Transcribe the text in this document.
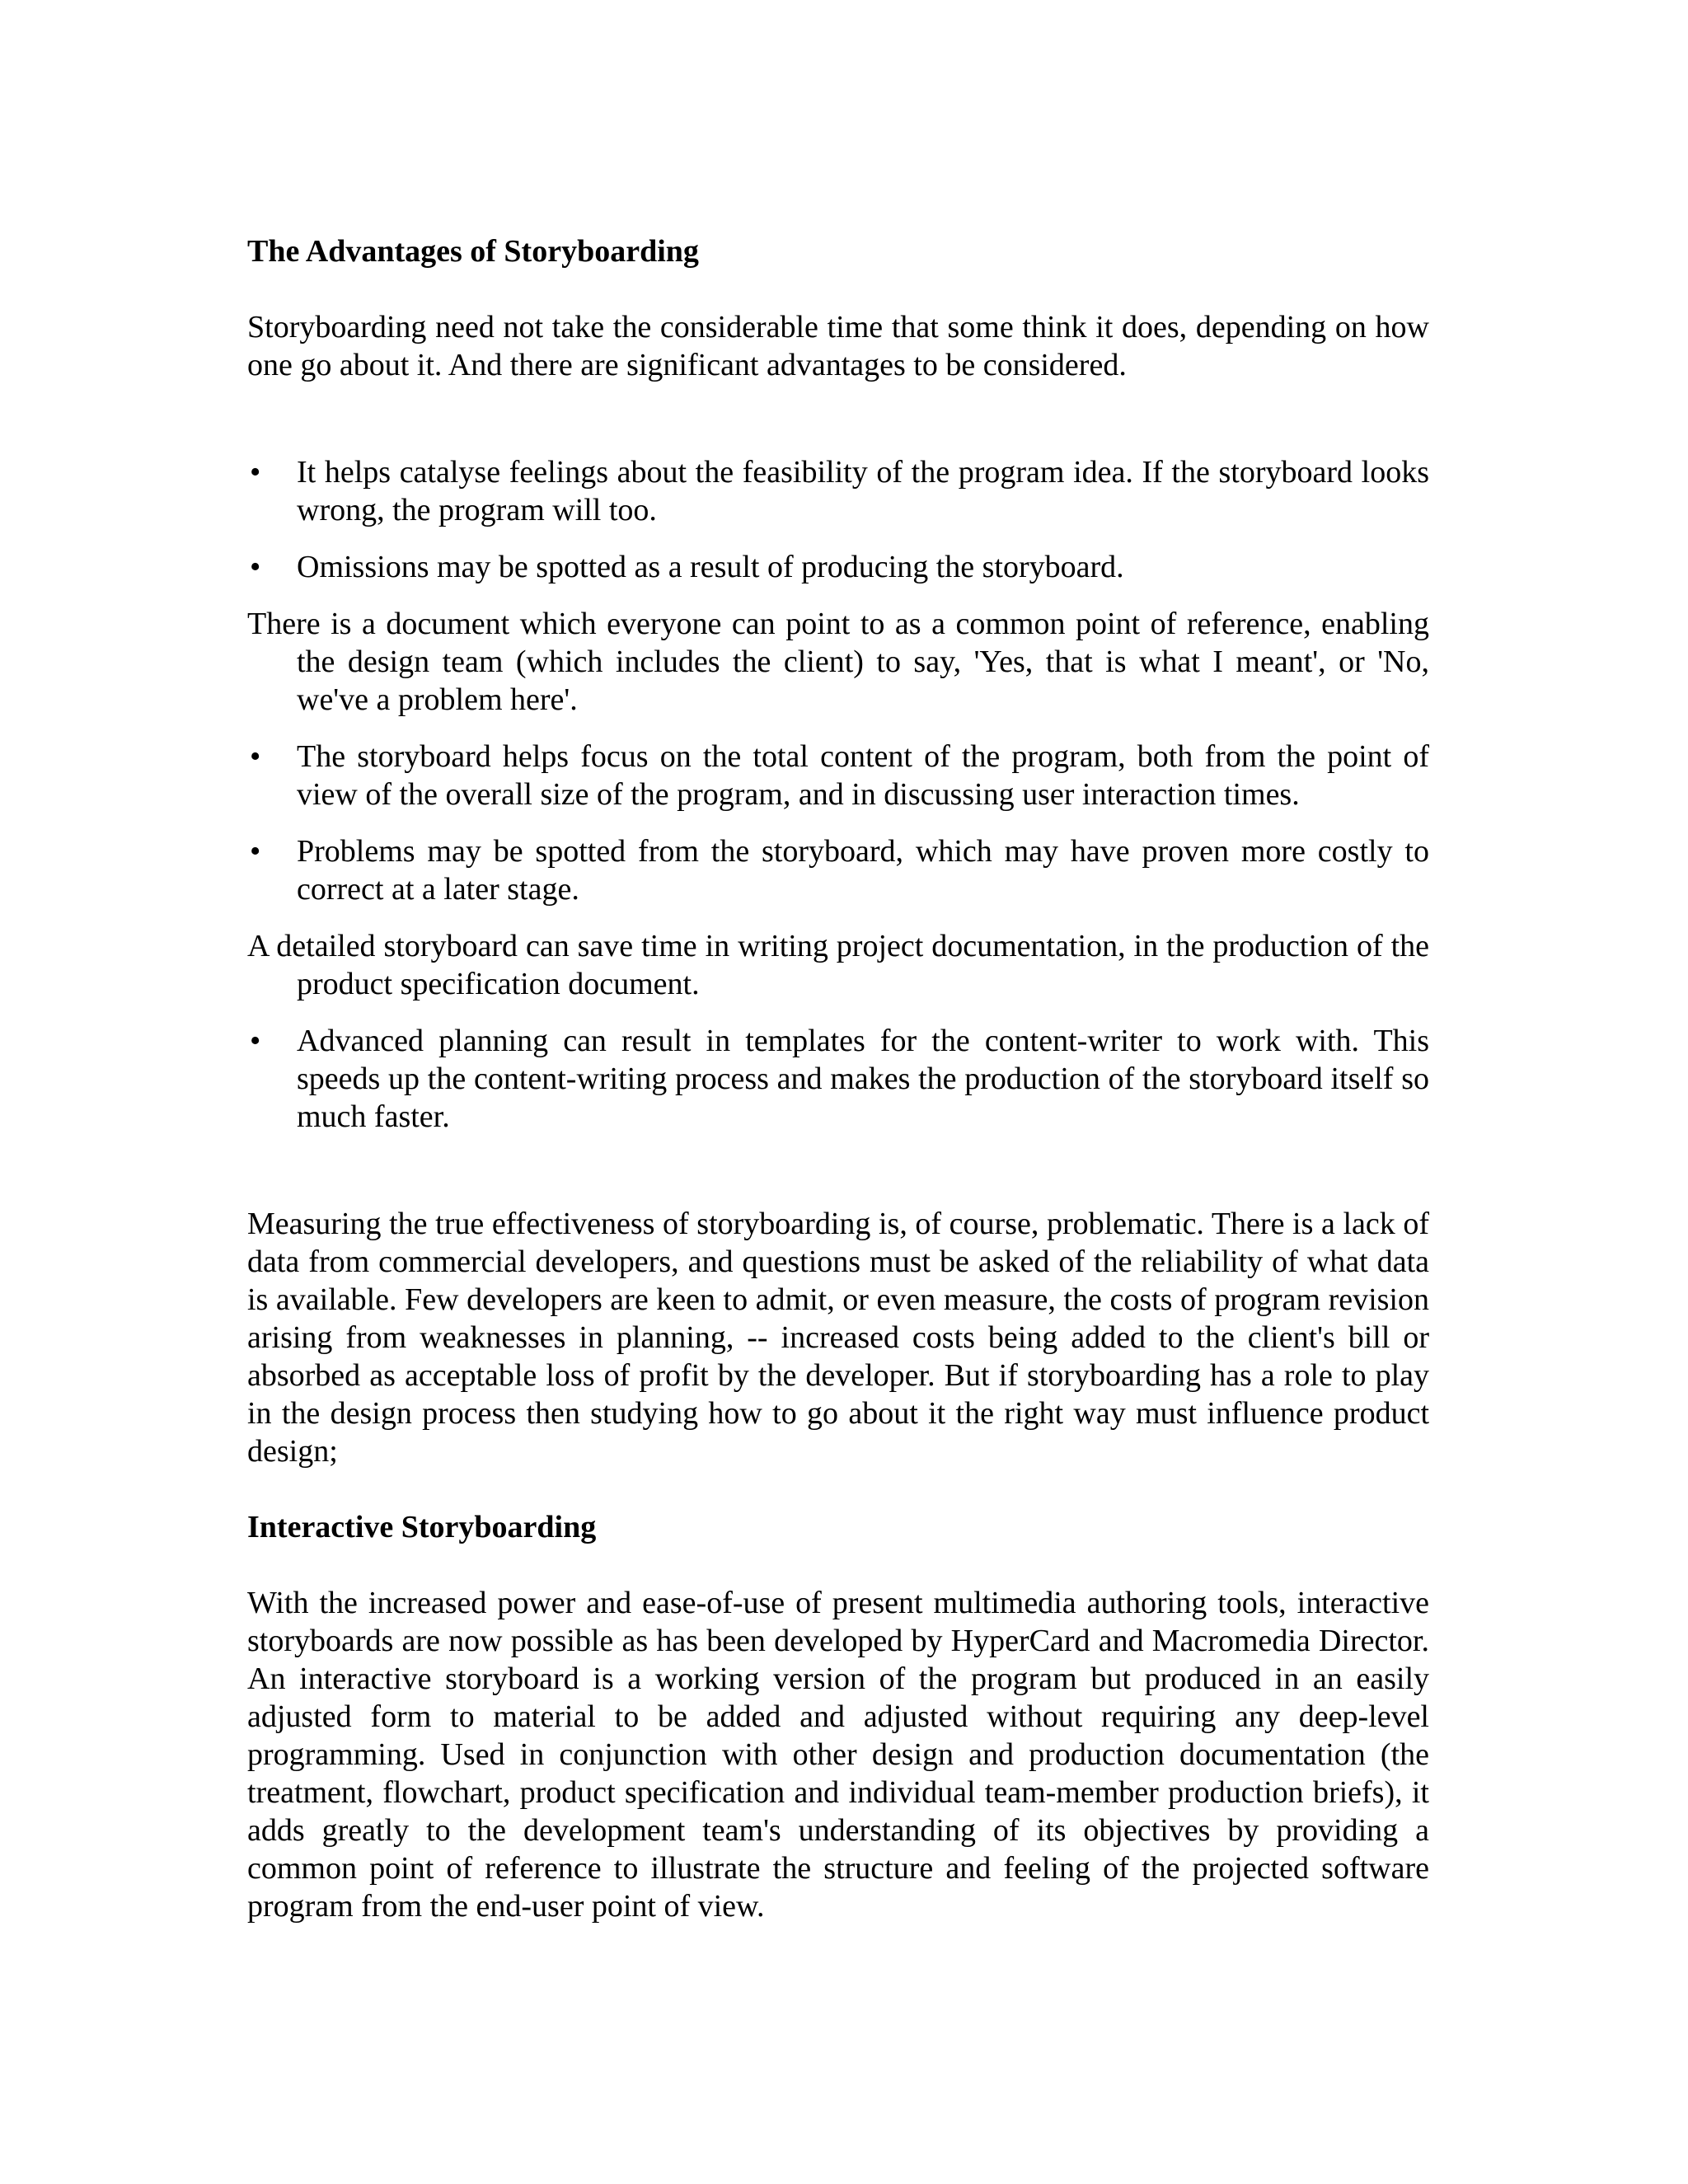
The Advantages of Storyboarding

Storyboarding need not take the considerable time that some think it does, depending on how one go about it. And there are significant advantages to be considered.

•	It helps catalyse feelings about the feasibility of the program idea. If the storyboard looks wrong, the program will too.
•	Omissions may be spotted as a result of producing the storyboard.

There is a document which everyone can point to as a common point of reference, enabling the design team (which includes the client) to say, 'Yes, that is what I meant', or 'No, we've a problem here'.

•	The storyboard helps focus on the total content of the program, both from the point of view of the overall size of the program, and in discussing user interaction times.
•	Problems may be spotted from the storyboard, which may have proven more costly to correct at a later stage.

A detailed storyboard can save time in writing project documentation, in the production of the product specification document.

•	Advanced planning can result in templates for the content-writer to work with. This speeds up the content-writing process and makes the production of the storyboard itself so much faster.

Measuring the true effectiveness of storyboarding is, of course, problematic. There is a lack of data from commercial developers, and questions must be asked of the reliability of what data is available. Few developers are keen to admit, or even measure, the costs of program revision arising from weaknesses in planning, -- increased costs being added to the client's bill or absorbed as acceptable loss of profit by the developer. But if storyboarding has a role to play in the design process then studying how to go about it the right way must influence product design;

Interactive Storyboarding

With the increased power and ease-of-use of present multimedia authoring tools, interactive storyboards are now possible as has been developed by HyperCard and Macromedia Director. An interactive storyboard is a working version of the program but produced in an easily adjusted form to material to be added and adjusted without requiring any deep-level programming. Used in conjunction with other design and production documentation (the treatment, flowchart, product specification and individual team-member production briefs), it adds greatly to the development team's understanding of its objectives by providing a common point of reference to illustrate the structure and feeling of the projected software program from the end-user point of view.
